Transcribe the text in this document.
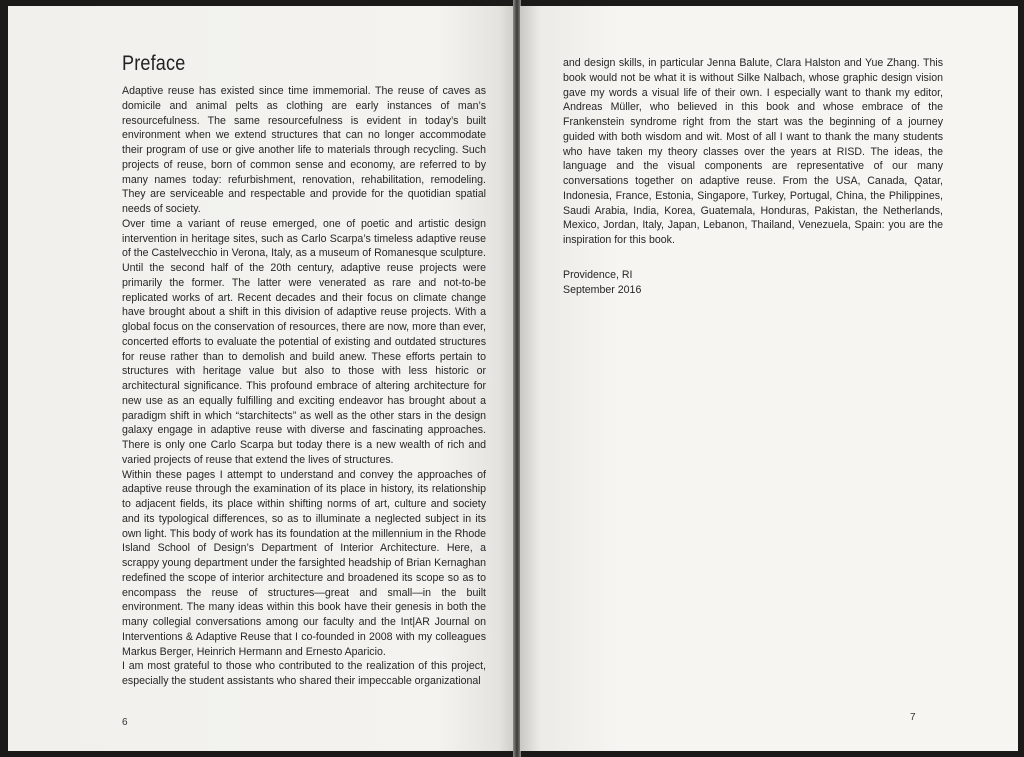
Preface

Adaptive reuse has existed since time immemorial. The reuse of caves as domicile and animal pelts as clothing are early instances of man’s resourcefulness. The same resourcefulness is evident in today’s built environment when we extend structures that can no longer accommodate their program of use or give another life to materials through recycling. Such projects of reuse, born of common sense and economy, are referred to by many names today: refurbishment, renovation, rehabilitation, remodeling. They are serviceable and respectable and provide for the quotidian spatial needs of society.

Over time a variant of reuse emerged, one of poetic and artistic design intervention in heritage sites, such as Carlo Scarpa’s timeless adaptive reuse of the Castelvecchio in Verona, Italy, as a museum of Romanesque sculpture. Until the second half of the 20th century, adaptive reuse projects were primarily the former. The latter were venerated as rare and not-to-be replicated works of art. Recent decades and their focus on climate change have brought about a shift in this division of adaptive reuse projects. With a global focus on the conservation of resources, there are now, more than ever, concerted efforts to evaluate the potential of existing and outdated structures for reuse rather than to demolish and build anew. These efforts pertain to structures with heritage value but also to those with less historic or architectural significance. This profound embrace of altering architecture for new use as an equally fulfilling and exciting endeavor has brought about a paradigm shift in which “starchitects” as well as the other stars in the design galaxy engage in adaptive reuse with diverse and fascinating approaches. There is only one Carlo Scarpa but today there is a new wealth of rich and varied projects of reuse that extend the lives of structures.

Within these pages I attempt to understand and convey the approaches of adaptive reuse through the examination of its place in history, its relationship to adjacent fields, its place within shifting norms of art, culture and society and its typological differences, so as to illuminate a neglected subject in its own light. This body of work has its foundation at the millennium in the Rhode Island School of Design’s Department of Interior Architecture. Here, a scrappy young department under the farsighted headship of Brian Kernaghan redefined the scope of interior architecture and broadened its scope so as to encompass the reuse of structures—great and small—in the built environment. The many ideas within this book have their genesis in both the many collegial conversations among our faculty and the Int|AR Journal on Interventions & Adaptive Reuse that I co-founded in 2008 with my colleagues Markus Berger, Heinrich Hermann and Ernesto Aparicio.

I am most grateful to those who contributed to the realization of this project, especially the student assistants who shared their impeccable organizational

6

and design skills, in particular Jenna Balute, Clara Halston and Yue Zhang. This book would not be what it is without Silke Nalbach, whose graphic design vision gave my words a visual life of their own. I especially want to thank my editor, Andreas Müller, who believed in this book and whose embrace of the Frankenstein syndrome right from the start was the beginning of a journey guided with both wisdom and wit. Most of all I want to thank the many students who have taken my theory classes over the years at RISD. The ideas, the language and the visual components are representative of our many conversations together on adaptive reuse. From the USA, Canada, Qatar, Indonesia, France, Estonia, Singapore, Turkey, Portugal, China, the Philippines, Saudi Arabia, India, Korea, Guatemala, Honduras, Pakistan, the Netherlands, Mexico, Jordan, Italy, Japan, Lebanon, Thailand, Venezuela, Spain: you are the inspiration for this book.

Providence, RI
September 2016
7
